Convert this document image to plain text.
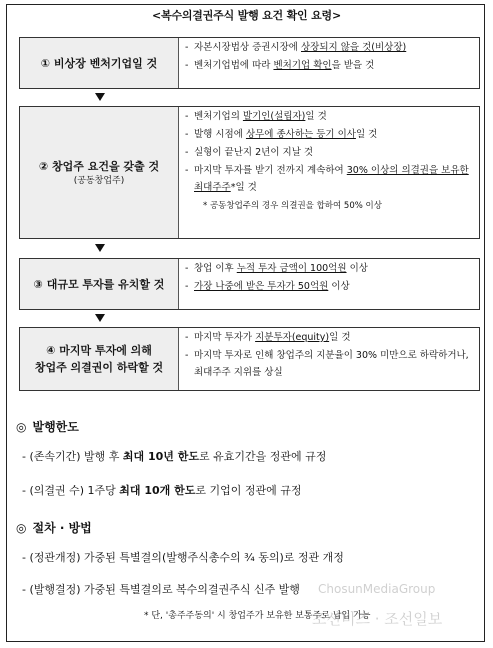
<복수의결권주식 발행 요건 확인 요령>
① 비상장 벤처기업일 것
- 자본시장법상 증권시장에 상장되지 않을 것(비상장)
- 벤처기업법에 따라 벤처기업 확인을 받을 것
② 창업주 요건을 갖출 것
(공동창업주)
- 벤처기업의 발기인(설립자)일 것
- 발행 시점에 상무에 종사하는 등기 이사일 것
- 실형이 끝난지 2년이 지날 것
- 마지막 투자를 받기 전까지 계속하여 30% 이상의 의결권을 보유한 최대주주*일 것
* 공동창업주의 경우 의결권을 합하여 50% 이상
③ 대규모 투자를 유치할 것
- 창업 이후 누적 투자 금액이 100억원 이상
- 가장 나중에 받은 투자가 50억원 이상
④ 마지막 투자에 의해
창업주 의결권이 하락할 것
- 마지막 투자가 지분투자(equity)일 것
- 마지막 투자로 인해 창업주의 지분율이 30% 미만으로 하락하거나, 최대주주 지위를 상실
◎ 발행한도
- (존속기간) 발행 후 최대 10년 한도로 유효기간을 정관에 규정
- (의결권 수) 1주당 최대 10개 한도로 기업이 정관에 규정
◎ 절차 · 방법
- (정관개정) 가중된 특별결의(발행주식총수의 ¾ 동의)로 정관 개정
- (발행결정) 가중된 특별결의로 복수의결권주식 신주 발행
* 단, '총주주동의' 시 창업주가 보유한 보통주로 납입 가능
ChosunMediaGroup
조선비즈 · 조선일보
